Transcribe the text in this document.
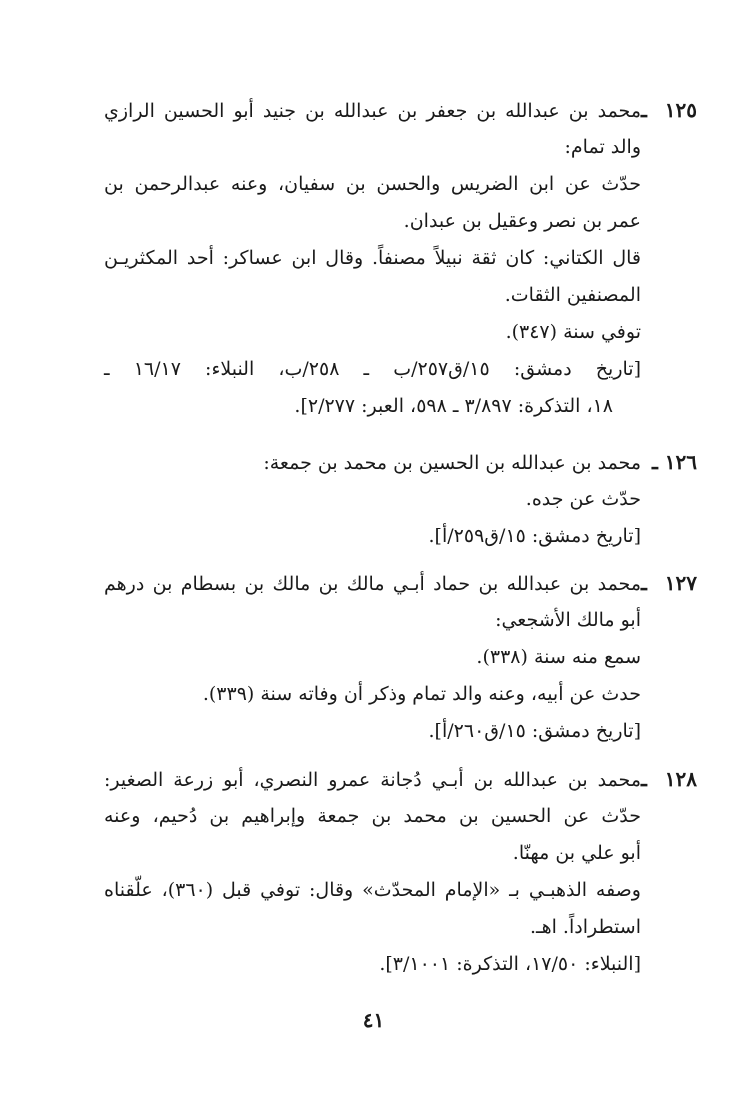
١٢٥ ـمحمد بن عبدالله بن جعفر بن عبدالله بن جنيد أبو الحسين الرازي
والد تمام:
حدّث عن ابن الضريس والحسن بن سفيان، وعنه عبدالرحمن بن
عمر بن نصر وعقيل بن عبدان.
قال الكتاني: كان ثقة نبيلاً مصنفاً. وقال ابن عساكر: أحد المكثريـن
المصنفين الثقات.
توفي سنة (٣٤٧).
[تاريخ دمشق: ١٥/ق٢٥٧/ب ـ ٢٥٨/ب، النبلاء: ١٦/١٧ ـ
١٨، التذكرة: ٣/٨٩٧ ـ ٥٩٨، العبر: ٢/٢٧٧].
١٢٦ ـمحمد بن عبدالله بن الحسين بن محمد بن جمعة:
حدّث عن جده.
[تاريخ دمشق: ١٥/ق٢٥٩/أ].
١٢٧ ـمحمد بن عبدالله بن حماد أبـي مالك بن مالك بن بسطام بن درهم
أبو مالك الأشجعي:
سمع منه سنة (٣٣٨).
حدث عن أبيه، وعنه والد تمام وذكر أن وفاته سنة (٣٣٩).
[تاريخ دمشق: ١٥/ق٢٦٠/أ].
١٢٨ ـمحمد بن عبدالله بن أبـي دُجانة عمرو النصري، أبو زرعة الصغير:
حدّث عن الحسين بن محمد بن جمعة وإبراهيم بن دُحيم، وعنه
أبو علي بن مهنّا.
وصفه الذهبـي بـ «الإمام المحدّث» وقال: توفي قبل (٣٦٠)، علّقناه
استطراداً. اهـ.
[النبلاء: ١٧/٥٠، التذكرة: ٣/١٠٠١].
٤١
